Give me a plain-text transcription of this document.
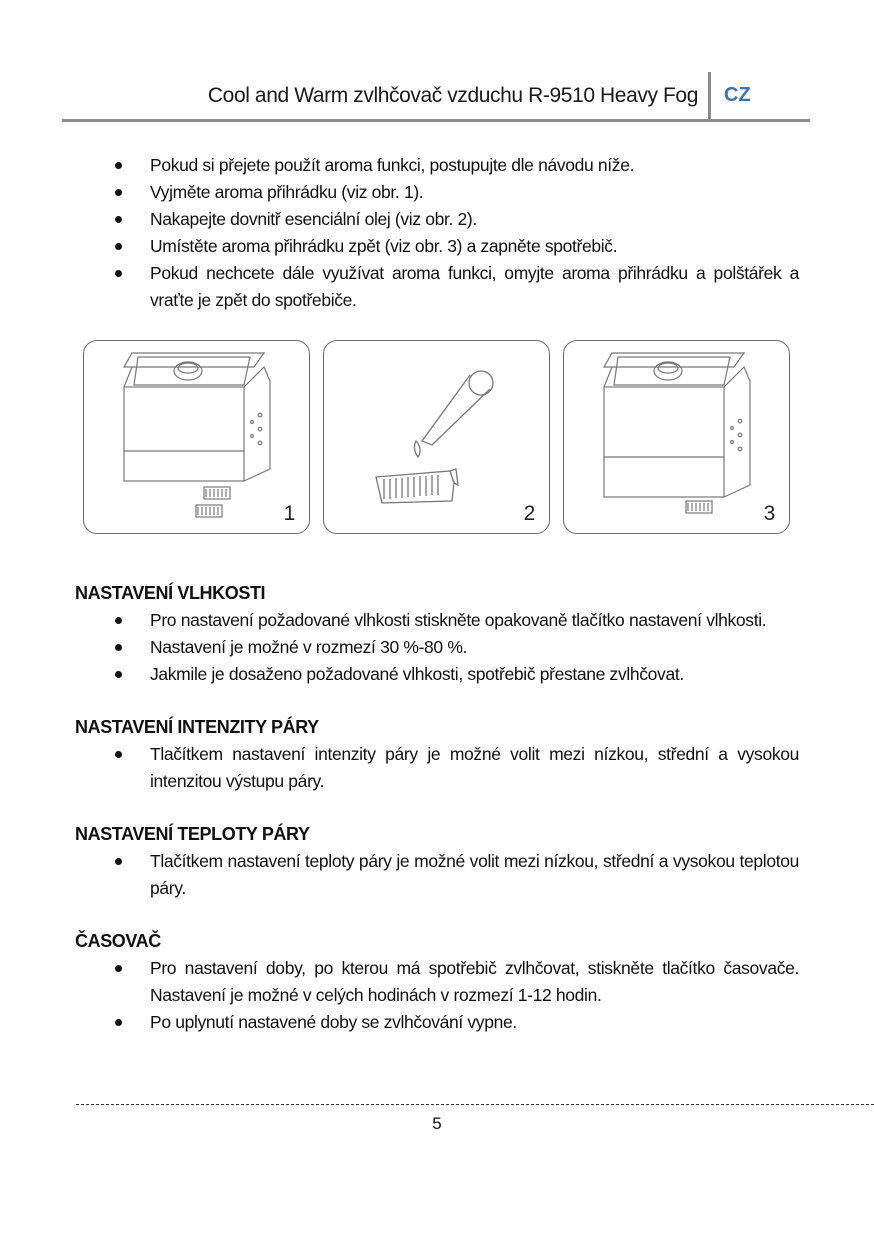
Cool and Warm zvlhčovač vzduchu R-9510 Heavy Fog CZ
Pokud si přejete použít aroma funkci, postupujte dle návodu níže.
Vyjměte aroma přihrádku (viz obr. 1).
Nakapejte dovnitř esenciální olej (viz obr. 2).
Umístěte aroma přihrádku zpět (viz obr. 3) a zapněte spotřebič.
Pokud nechcete dále využívat aroma funkci, omyjte aroma přihrádku a polštářek a vraťte je zpět do spotřebiče.
1	2	3
NASTAVENÍ VLHKOSTI
Pro nastavení požadované vlhkosti stiskněte opakovaně tlačítko nastavení vlhkosti.
Nastavení je možné v rozmezí 30 %-80 %.
Jakmile je dosaženo požadované vlhkosti, spotřebič přestane zvlhčovat.
NASTAVENÍ INTENZITY PÁRY
Tlačítkem nastavení intenzity páry je možné volit mezi nízkou, střední a vysokou intenzitou výstupu páry.
NASTAVENÍ TEPLOTY PÁRY
Tlačítkem nastavení teploty páry je možné volit mezi nízkou, střední a vysokou teplotou páry.
ČASOVAČ
Pro nastavení doby, po kterou má spotřebič zvlhčovat, stiskněte tlačítko časovače. Nastavení je možné v celých hodinách v rozmezí 1-12 hodin.
Po uplynutí nastavené doby se zvlhčování vypne.
5
